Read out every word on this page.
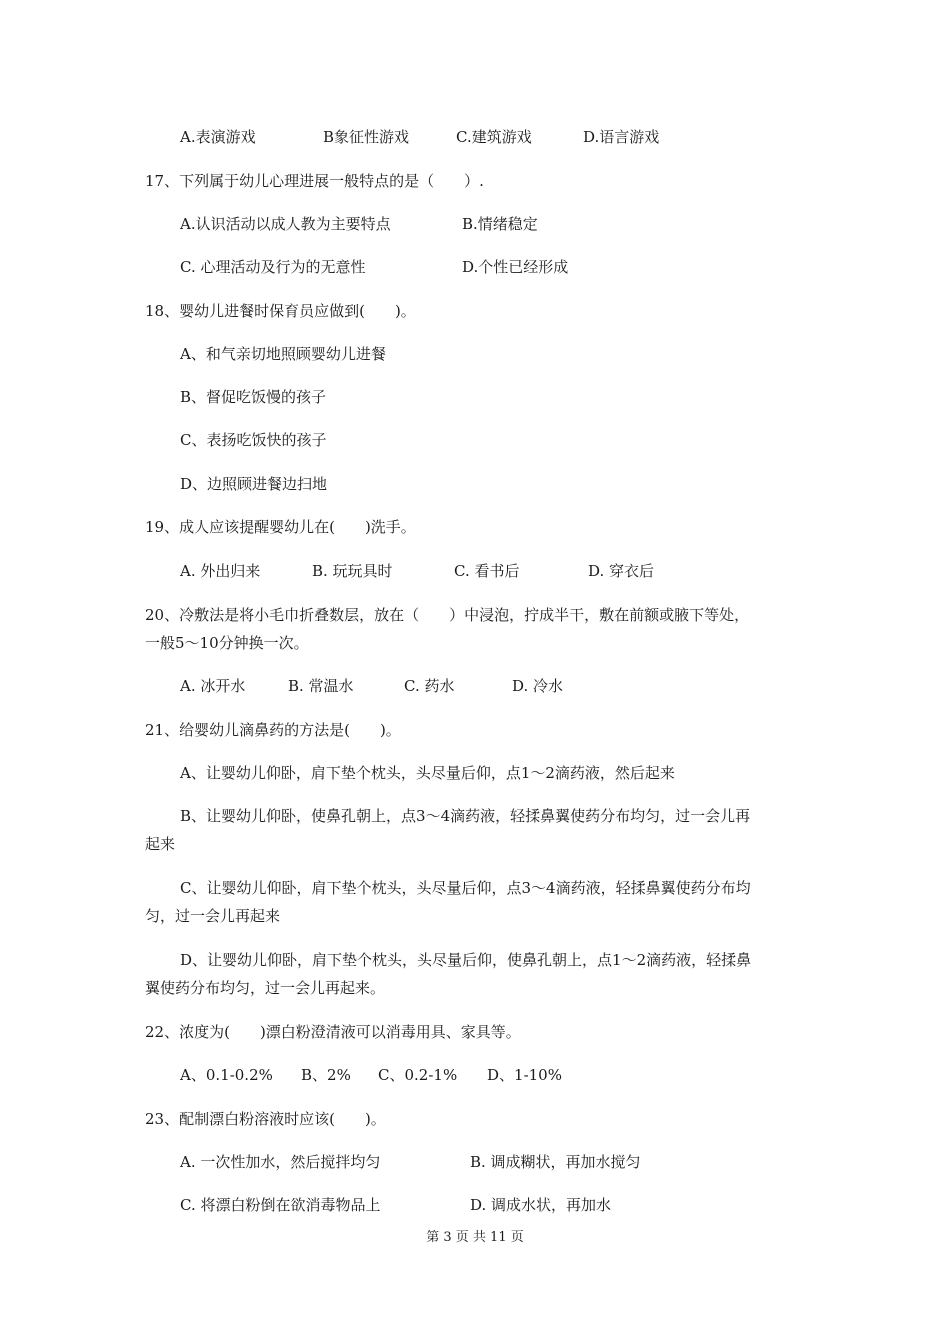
A.表演游戏	B象征性游戏	C.建筑游戏	D.语言游戏
17、下列属于幼儿心理进展一般特点的是（　　）.
A.认识活动以成人教为主要特点	B.情绪稳定
C. 心理活动及行为的无意性	D.个性已经形成
18、婴幼儿进餐时保育员应做到(　　)。
A、和气亲切地照顾婴幼儿进餐
B、督促吃饭慢的孩子
C、表扬吃饭快的孩子
D、边照顾进餐边扫地
19、成人应该提醒婴幼儿在(　　)洗手。
A. 外出归来	B. 玩玩具时	C. 看书后	D. 穿衣后
20、冷敷法是将小毛巾折叠数层，放在（　　）中浸泡，拧成半干，敷在前额或腋下等处，
一般5～10分钟换一次。
A. 冰开水	B. 常温水	C. 药水	D. 冷水
21、给婴幼儿滴鼻药的方法是(　　)。
A、让婴幼儿仰卧，肩下垫个枕头，头尽量后仰，点1～2滴药液，然后起来
B、让婴幼儿仰卧，使鼻孔朝上，点3～4滴药液，轻揉鼻翼使药分布均匀，过一会儿再
起来
C、让婴幼儿仰卧，肩下垫个枕头，头尽量后仰，点3～4滴药液，轻揉鼻翼使药分布均
匀，过一会儿再起来
D、让婴幼儿仰卧，肩下垫个枕头，头尽量后仰，使鼻孔朝上，点1～2滴药液，轻揉鼻
翼使药分布均匀，过一会儿再起来。
22、浓度为(　　)漂白粉澄清液可以消毒用具、家具等。
A、0.1-0.2% B、2% C、0.2-1% D、1-10%
23、配制漂白粉溶液时应该(　　)。
A. 一次性加水，然后搅拌均匀	B. 调成糊状，再加水搅匀
C. 将漂白粉倒在欲消毒物品上	D. 调成水状，再加水
第 3 页 共 11 页
